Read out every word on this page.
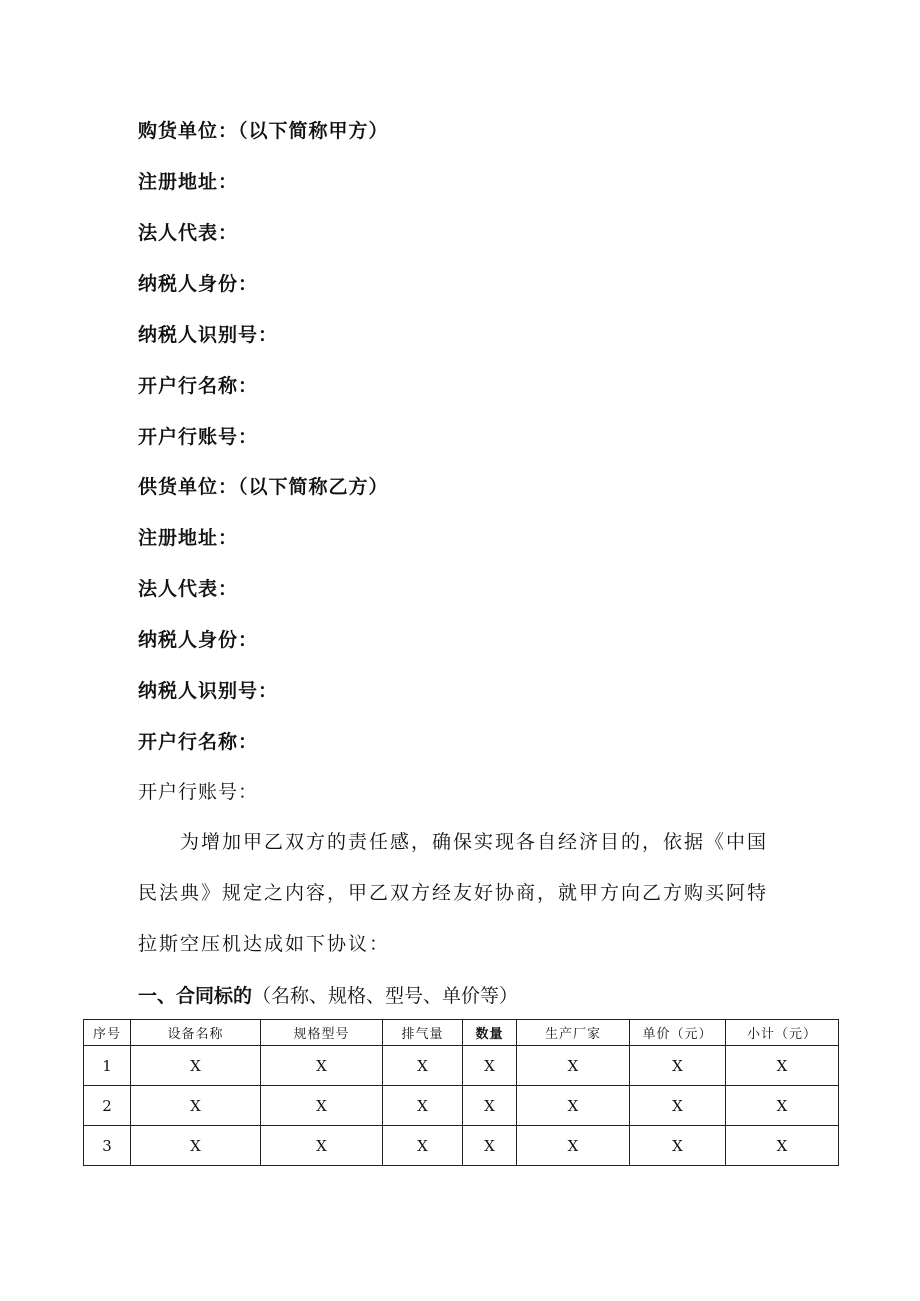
购货单位：（以下简称甲方）
注册地址：
法人代表：
纳税人身份：
纳税人识别号：
开户行名称：
开户行账号：
供货单位：（以下简称乙方）
注册地址：
法人代表：
纳税人身份：
纳税人识别号：
开户行名称：
开户行账号：
为增加甲乙双方的责任感，确保实现各自经济目的，依据《中国
民法典》规定之内容，甲乙双方经友好协商，就甲方向乙方购买阿特
拉斯空压机达成如下协议：
一、合同标的（名称、规格、型号、单价等）
序号	设备名称	规格型号	排气量	数量	生产厂家	单价（元）	小计（元）
1	X	X	X	X	X	X	X
2	X	X	X	X	X	X	X
3	X	X	X	X	X	X	X
